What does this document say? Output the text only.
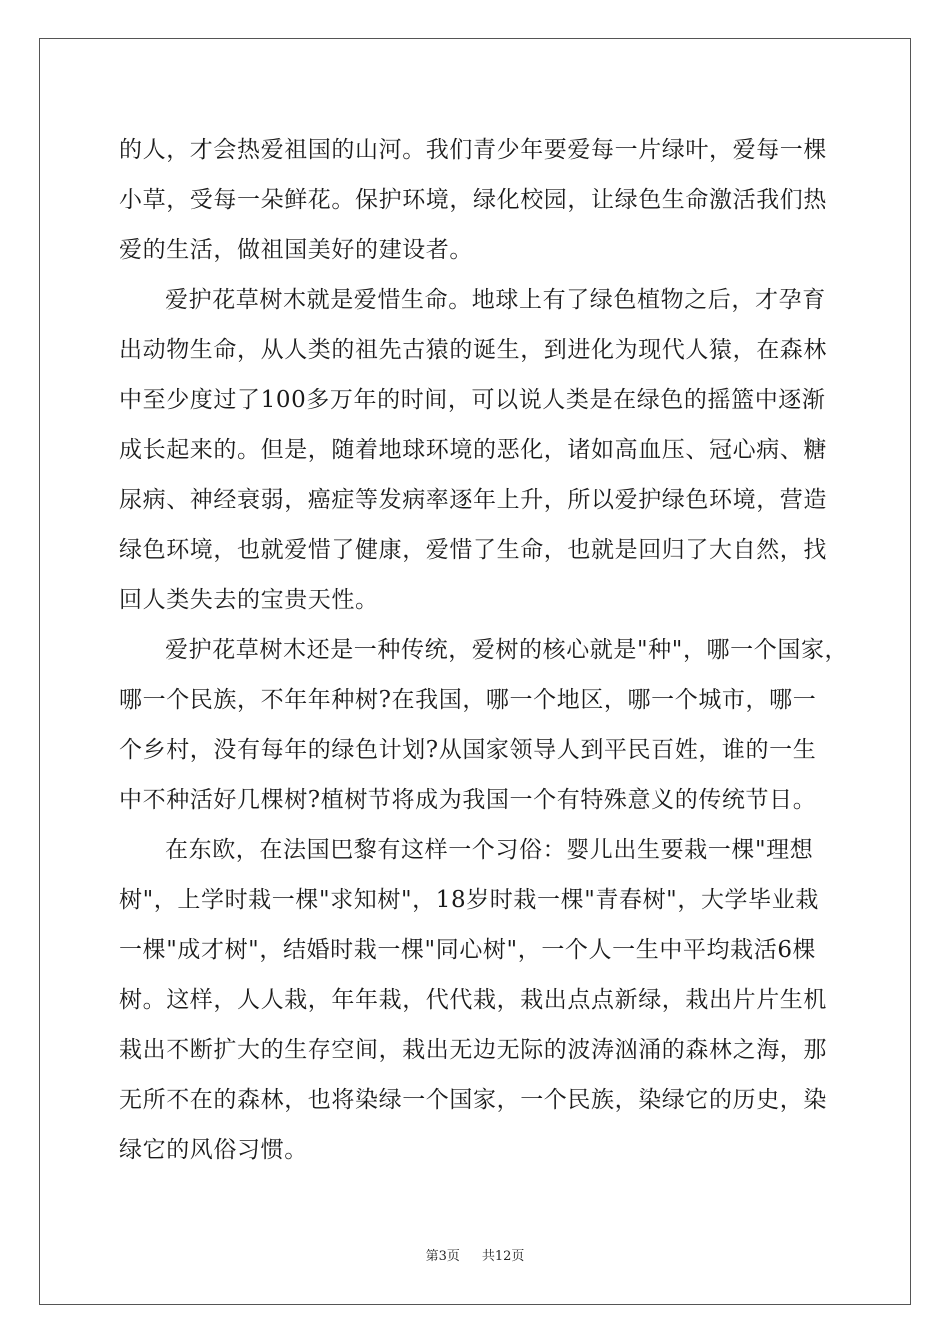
的人，才会热爱祖国的山河。我们青少年要爱每一片绿叶，爱每一棵
小草，受每一朵鲜花。保护环境，绿化校园，让绿色生命激活我们热
爱的生活，做祖国美好的建设者。
爱护花草树木就是爱惜生命。地球上有了绿色植物之后，才孕育
出动物生命，从人类的祖先古猿的诞生，到进化为现代人猿，在森林
中至少度过了100多万年的时间，可以说人类是在绿色的摇篮中逐渐
成长起来的。但是，随着地球环境的恶化，诸如高血压、冠心病、糖
尿病、神经衰弱，癌症等发病率逐年上升，所以爱护绿色环境，营造
绿色环境，也就爱惜了健康，爱惜了生命，也就是回归了大自然，找
回人类失去的宝贵天性。
爱护花草树木还是一种传统，爱树的核心就是"种"，哪一个国家，
哪一个民族，不年年种树?在我国，哪一个地区，哪一个城市，哪一
个乡村，没有每年的绿色计划?从国家领导人到平民百姓，谁的一生
中不种活好几棵树?植树节将成为我国一个有特殊意义的传统节日。
在东欧，在法国巴黎有这样一个习俗：婴儿出生要栽一棵"理想
树"，上学时栽一棵"求知树"，18岁时栽一棵"青春树"，大学毕业栽
一棵"成才树"，结婚时栽一棵"同心树"，一个人一生中平均栽活6棵
树。这样，人人栽，年年栽，代代栽，栽出点点新绿，栽出片片生机
栽出不断扩大的生存空间，栽出无边无际的波涛汹涌的森林之海，那
无所不在的森林，也将染绿一个国家，一个民族，染绿它的历史，染
绿它的风俗习惯。
第3页 共12页
